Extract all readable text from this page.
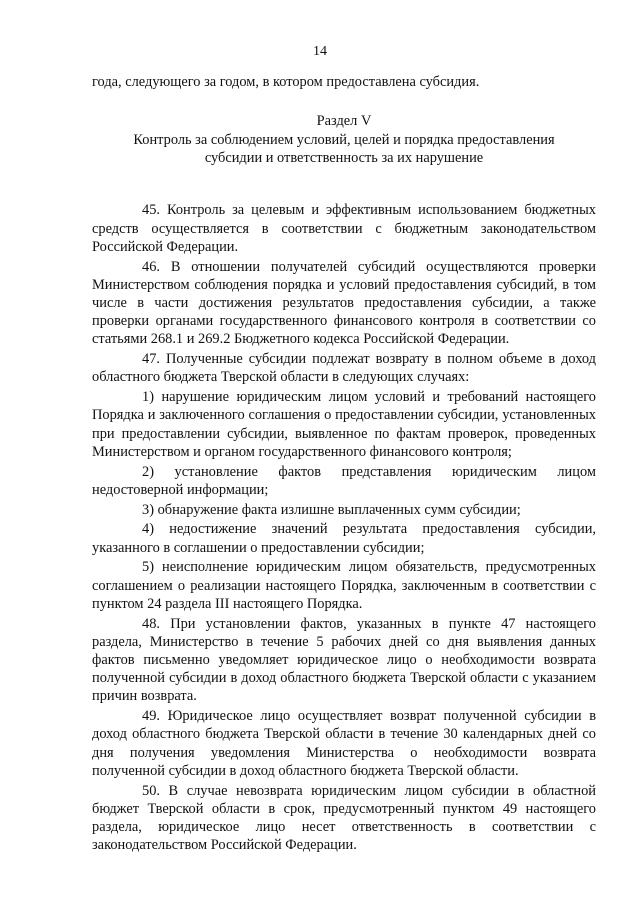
14

года, следующего за годом, в котором предоставлена субсидия.

Раздел V
Контроль за соблюдением условий, целей и порядка предоставления
субсидии и ответственность за их нарушение

45. Контроль за целевым и эффективным использованием бюджетных средств осуществляется в соответствии с бюджетным законодательством Российской Федерации.

46. В отношении получателей субсидий осуществляются проверки Министерством соблюдения порядка и условий предоставления субсидий, в том числе в части достижения результатов предоставления субсидии, а также проверки органами государственного финансового контроля в соответствии со статьями 268.1 и 269.2 Бюджетного кодекса Российской Федерации.

47. Полученные субсидии подлежат возврату в полном объеме в доход областного бюджета Тверской области в следующих случаях:

1) нарушение юридическим лицом условий и требований настоящего Порядка и заключенного соглашения о предоставлении субсидии, установленных при предоставлении субсидии, выявленное по фактам проверок, проведенных Министерством и органом государственного финансового контроля;

2) установление фактов представления юридическим лицом недостоверной информации;

3) обнаружение факта излишне выплаченных сумм субсидии;

4) недостижение значений результата предоставления субсидии, указанного в соглашении о предоставлении субсидии;

5) неисполнение юридическим лицом обязательств, предусмотренных соглашением о реализации настоящего Порядка, заключенным в соответствии с пунктом 24 раздела III настоящего Порядка.

48. При установлении фактов, указанных в пункте 47 настоящего раздела, Министерство в течение 5 рабочих дней со дня выявления данных фактов письменно уведомляет юридическое лицо о необходимости возврата полученной субсидии в доход областного бюджета Тверской области с указанием причин возврата.

49. Юридическое лицо осуществляет возврат полученной субсидии в доход областного бюджета Тверской области в течение 30 календарных дней со дня получения уведомления Министерства о необходимости возврата полученной субсидии в доход областного бюджета Тверской области.

50. В случае невозврата юридическим лицом субсидии в областной бюджет Тверской области в срок, предусмотренный пунктом 49 настоящего раздела, юридическое лицо несет ответственность в соответствии с законодательством Российской Федерации.
